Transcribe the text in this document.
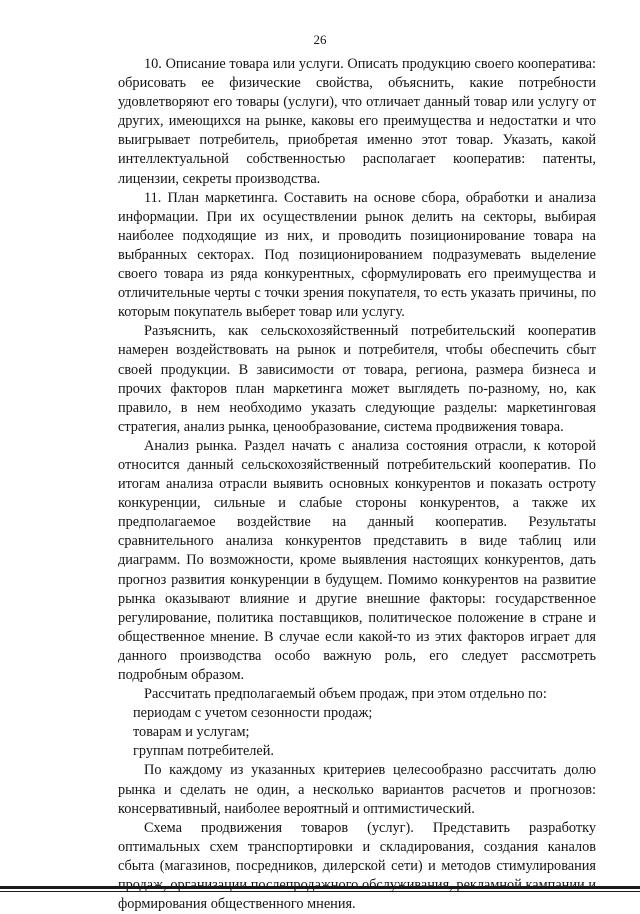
26

10. Описание товара или услуги. Описать продукцию своего кооператива: обрисовать ее физические свойства, объяснить, какие потребности удовлетворяют его товары (услуги), что отличает данный товар или услугу от других, имеющихся на рынке, каковы его преимущества и недостатки и что выигрывает потребитель, приобретая именно этот товар. Указать, какой интеллектуальной собственностью располагает кооператив: патенты, лицензии, секреты производства.

11. План маркетинга. Составить на основе сбора, обработки и анализа информации. При их осуществлении рынок делить на секторы, выбирая наиболее подходящие из них, и проводить позиционирование товара на выбранных секторах. Под позиционированием подразумевать выделение своего товара из ряда конкурентных, сформулировать его преимущества и отличительные черты с точки зрения покупателя, то есть указать причины, по которым покупатель выберет товар или услугу.

Разъяснить, как сельскохозяйственный потребительский кооператив намерен воздействовать на рынок и потребителя, чтобы обеспечить сбыт своей продукции. В зависимости от товара, региона, размера бизнеса и прочих факторов план маркетинга может выглядеть по-разному, но, как правило, в нем необходимо указать следующие разделы: маркетинговая стратегия, анализ рынка, ценообразование, система продвижения товара.

Анализ рынка. Раздел начать с анализа состояния отрасли, к которой относится данный сельскохозяйственный потребительский кооператив. По итогам анализа отрасли выявить основных конкурентов и показать остроту конкуренции, сильные и слабые стороны конкурентов, а также их предполагаемое воздействие на данный кооператив. Результаты сравнительного анализа конкурентов представить в виде таблиц или диаграмм. По возможности, кроме выявления настоящих конкурентов, дать прогноз развития конкуренции в будущем. Помимо конкурентов на развитие рынка оказывают влияние и другие внешние факторы: государственное регулирование, политика поставщиков, политическое положение в стране и общественное мнение. В случае если какой-то из этих факторов играет для данного производства особо важную роль, его следует рассмотреть подробным образом.

Рассчитать предполагаемый объем продаж, при этом отдельно по:

периодам с учетом сезонности продаж;

товарам и услугам;

группам потребителей.

По каждому из указанных критериев целесообразно рассчитать долю рынка и сделать не один, а несколько вариантов расчетов и прогнозов: консервативный, наиболее вероятный и оптимистический.

Схема продвижения товаров (услуг). Представить разработку оптимальных схем транспортировки и складирования, создания каналов сбыта (магазинов, посредников, дилерской сети) и методов стимулирования формирования общественного мнения.
